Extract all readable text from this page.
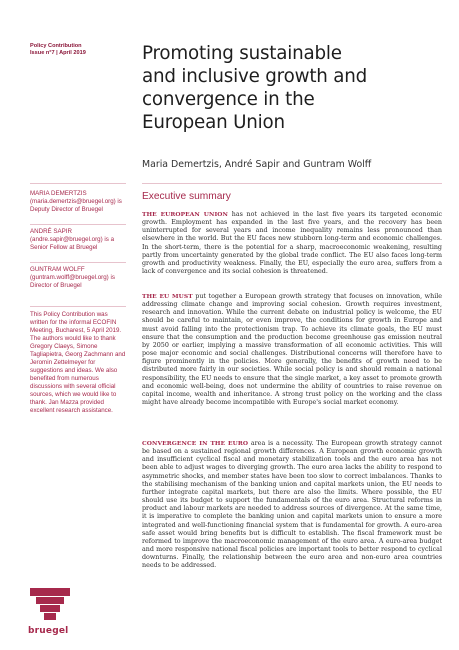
Policy Contribution
Issue n°7 | April 2019	Promoting sustainable
and inclusive growth and
convergence in the
European Union
Maria Demertzis, André Sapir and Guntram Wolff

MARIA DEMERTZIS (maria.demertzis@bruegel.org) is Deputy Director of Bruegel

ANDRÉ SAPIR (andre.sapir@bruegel.org) is a Senior Fellow at Bruegel

GUNTRAM WOLFF (guntram.wolff@bruegel.org) is Director of Bruegel

This Policy Contribution was written for the informal ECOFIN Meeting, Bucharest, 5 April 2019. The authors would like to thank Gregory Claeys, Simone Tagliapietra, Georg Zachmann and Jeromin Zettelmeyer for suggestions and ideas. We also benefited from numerous discussions with several official sources, which we would like to thank. Jan Mazza provided excellent research assistance.

Executive summary

THE EUROPEAN UNION has not achieved in the last five years its targeted economic growth. Employment has expanded in the last five years, and the recovery has been uninterrupted for several years and income inequality remains less pronounced than elsewhere in the world. But the EU faces new stubborn long-term and economic challenges. In the short-term, there is the potential for a sharp, macroeconomic weakening, resulting partly from uncertainty generated by the global trade conflict. The EU also faces long-term growth and productivity weakness. Finally, the EU, especially the euro area, suffers from a lack of convergence and its social cohesion is threatened.

THE EU MUST put together a European growth strategy that focuses on innovation, while addressing climate change and improving social cohesion. Growth requires investment, research and innovation. While the current debate on industrial policy is welcome, the EU should be careful to maintain, or even improve, the conditions for growth in Europe and must avoid falling into the protectionism trap. To achieve its climate goals, the EU must ensure that the consumption and the production become greenhouse gas emission neutral by 2050 or earlier, implying a massive transformation of all economic activities. This will pose major economic and social challenges. Distributional concerns will therefore have to figure prominently in the policies. More generally, the benefits of growth need to be distributed more fairly in our societies. While social policy is and should remain a national responsibility, the EU needs to ensure that the single market, a key asset to promote growth and economic well-being, does not undermine the ability of countries to raise revenue on capital income, wealth and inheritance. A strong trust policy on the working and the class might have already become incompatible with Europe's social market economy.

CONVERGENCE IN THE EURO area is a necessity. The European growth strategy cannot be based on a sustained regional growth differences. A European growth economic growth and insufficient cyclical fiscal and monetary stabilization tools and the euro area has not been able to adjust wages to diverging growth. The euro area lacks the ability to respond to asymmetric shocks, and member states have been too slow to correct imbalances. Thanks to the stabilising mechanism of the banking union and capital markets union, the EU needs to further integrate capital markets, but there are also the limits. Where possible, the EU should use its budget to support the fundamentals of the euro area. Structural reforms in product and labour markets are needed to address sources of divergence. At the same time, it is imperative to complete the banking union and capital markets union to ensure a more integrated and well-functioning financial system that is fundamental for growth. A euro-area safe asset would bring benefits but is difficult to establish. The fiscal framework must be reformed to improve the macroeconomic management of the euro area. A euro-area budget and more responsive national fiscal policies are important tools to better respond to cyclical downturns. Finally, the relationship between the euro area and non-euro area countries needs to be addressed.

bruegel
